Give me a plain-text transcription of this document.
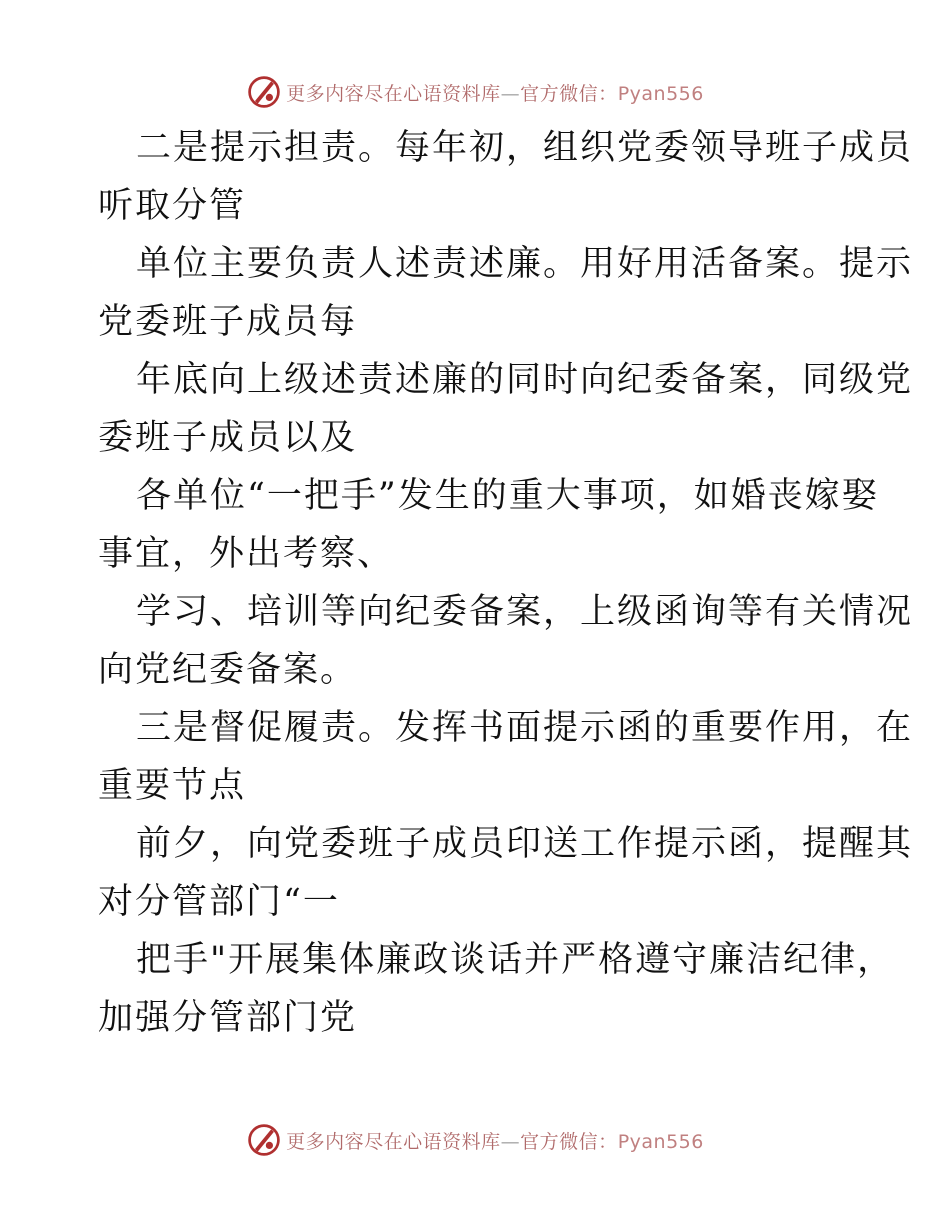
更多内容尽在心语资料库—官方微信：Pyan556
二是提示担责。每年初，组织党委领导班子成员
听取分管
单位主要负责人述责述廉。用好用活备案。提示
党委班子成员每
年底向上级述责述廉的同时向纪委备案，同级党
委班子成员以及
各单位“一把手”发生的重大事项，如婚丧嫁娶
事宜，外出考察、
学习、培训等向纪委备案，上级函询等有关情况
向党纪委备案。
三是督促履责。发挥书面提示函的重要作用，在
重要节点
前夕，向党委班子成员印送工作提示函，提醒其
对分管部门“一
把手"开展集体廉政谈话并严格遵守廉洁纪律，
加强分管部门党
更多内容尽在心语资料库—官方微信：Pyan556
